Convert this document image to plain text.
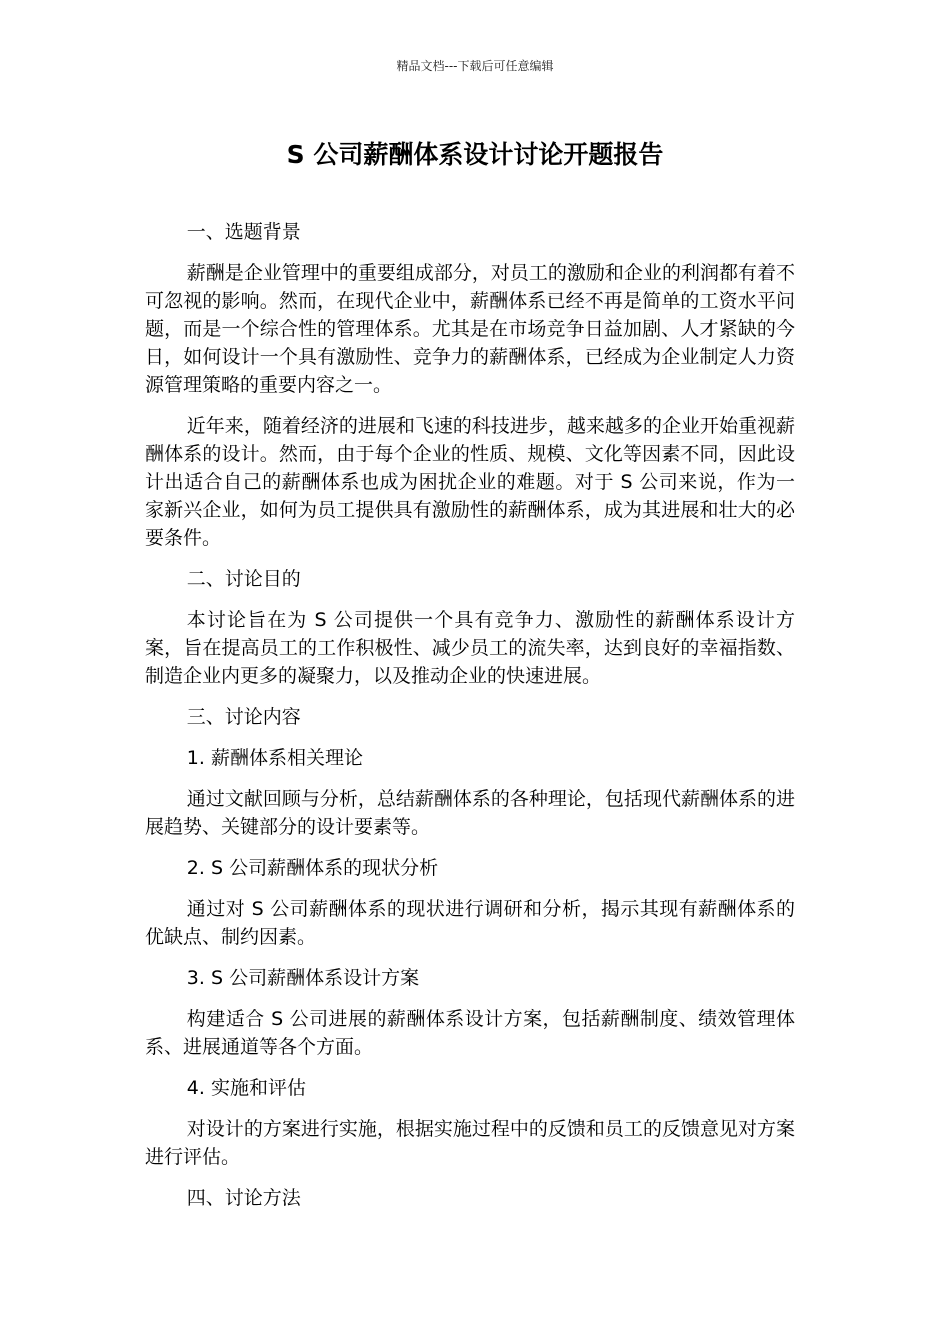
精品文档---下载后可任意编辑
S 公司薪酬体系设计讨论开题报告

一、选题背景

薪酬是企业管理中的重要组成部分，对员工的激励和企业的利润都有着不可忽视的影响。然而，在现代企业中，薪酬体系已经不再是简单的工资水平问题，而是一个综合性的管理体系。尤其是在市场竞争日益加剧、人才紧缺的今日，如何设计一个具有激励性、竞争力的薪酬体系，已经成为企业制定人力资源管理策略的重要内容之一。

近年来，随着经济的进展和飞速的科技进步，越来越多的企业开始重视薪酬体系的设计。然而，由于每个企业的性质、规模、文化等因素不同，因此设计出适合自己的薪酬体系也成为困扰企业的难题。对于 S 公司来说，作为一家新兴企业，如何为员工提供具有激励性的薪酬体系，成为其进展和壮大的必要条件。

二、讨论目的

本讨论旨在为 S 公司提供一个具有竞争力、激励性的薪酬体系设计方案，旨在提高员工的工作积极性、减少员工的流失率，达到良好的幸福指数、制造企业内更多的凝聚力，以及推动企业的快速进展。

三、讨论内容

1. 薪酬体系相关理论

通过文献回顾与分析，总结薪酬体系的各种理论，包括现代薪酬体系的进展趋势、关键部分的设计要素等。

2. S 公司薪酬体系的现状分析

通过对 S 公司薪酬体系的现状进行调研和分析，揭示其现有薪酬体系的优缺点、制约因素。

3. S 公司薪酬体系设计方案

构建适合 S 公司进展的薪酬体系设计方案，包括薪酬制度、绩效管理体系、进展通道等各个方面。

4. 实施和评估

对设计的方案进行实施，根据实施过程中的反馈和员工的反馈意见对方案进行评估。

四、讨论方法
